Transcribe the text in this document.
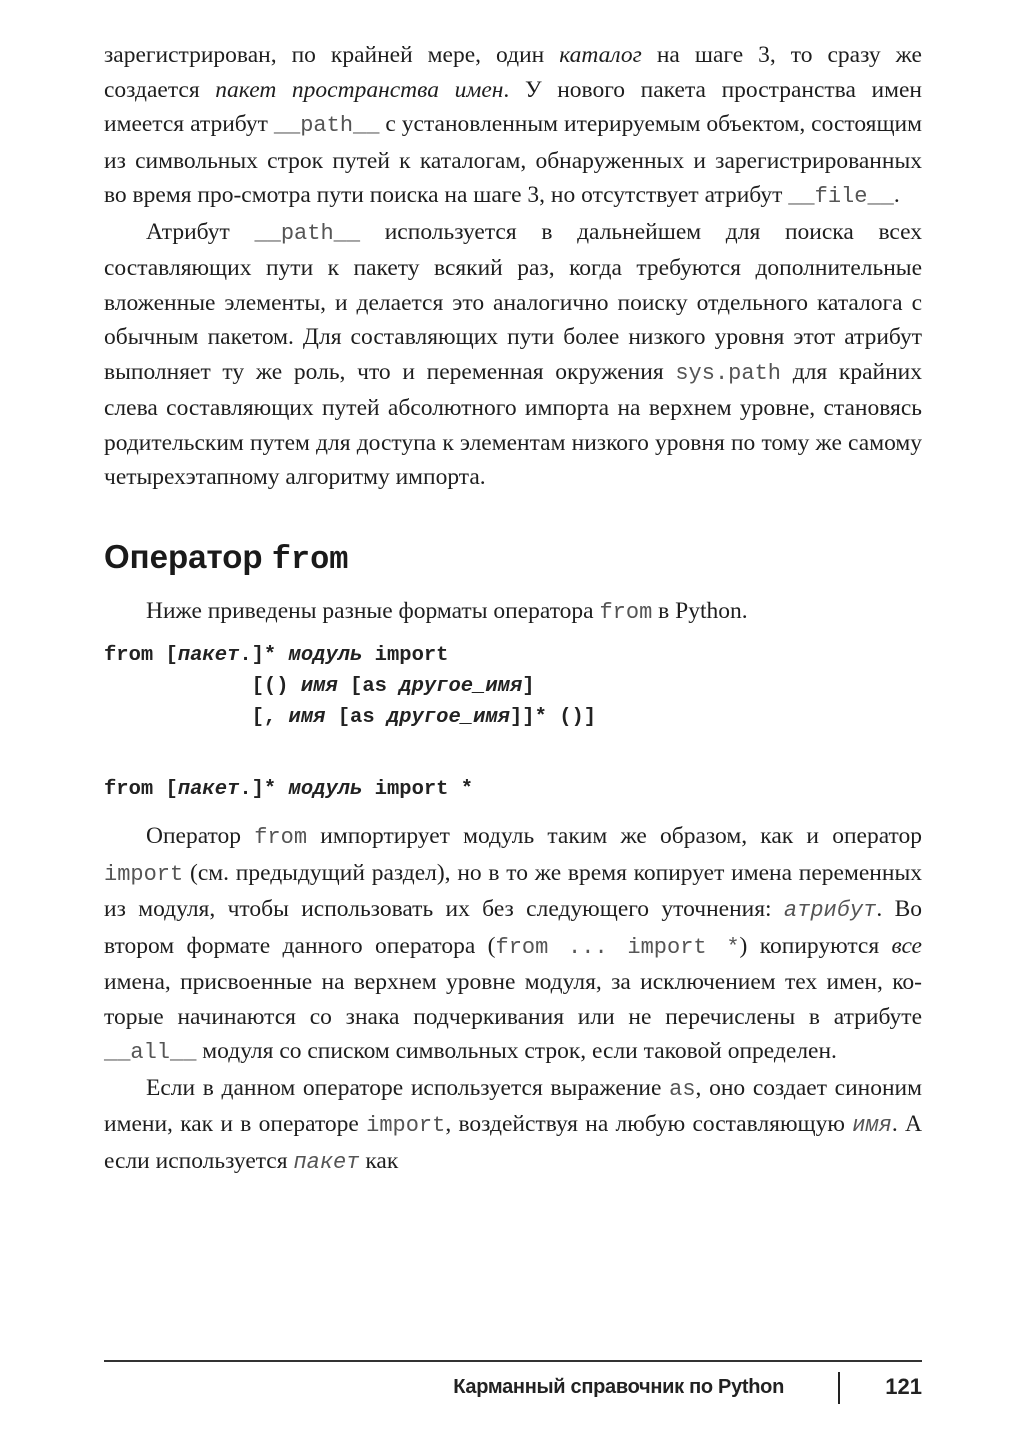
зарегистрирован, по крайней мере, один каталог на шаге 3, то сразу же создается пакет пространства имен. У нового пакета пространства имен имеется атрибут __path__ с установленным итерируемым объектом, состоящим из символьных строк путей к каталогам, обнаруженных и зарегистрированных во время про-смотра пути поиска на шаге 3, но отсутствует атрибут __file__.

Атрибут __path__ используется в дальнейшем для поиска всех составляющих пути к пакету всякий раз, когда требуются дополнительные вложенные элементы, и делается это аналогично поиску отдельного каталога с обычным пакетом. Для составляющих пути более низкого уровня этот атрибут выполняет ту же роль, что и переменная окружения sys.path для крайних слева составляющих путей абсолютного импорта на верхнем уровне, становясь родительским путем для доступа к элементам низкого уровня по тому же самому четырехэтапному алгоритму импорта.

Оператор from

Ниже приведены разные форматы оператора from в Python.

from [пакет.]* модуль import
[() имя [as другое_имя]
[, имя [as другое_имя]]* ()]
from [пакет.]* модуль import *

Оператор from импортирует модуль таким же образом, как и оператор import (см. предыдущий раздел), но в то же время копирует имена переменных из модуля, чтобы использовать их без следующего уточнения: атрибут. Во втором формате данного оператора (from ... import *) копируются все имена, присвоенные на верхнем уровне модуля, за исключением тех имен, которые начинаются со знака подчеркивания или не перечислены в атрибуте __all__ модуля со списком символьных строк, если таковой определен.

Если в данном операторе используется выражение as, оно создает синоним имени, как и в операторе import, воздействуя на любую составляющую имя. А если используется пакет как

Карманный справочник по Python	121
